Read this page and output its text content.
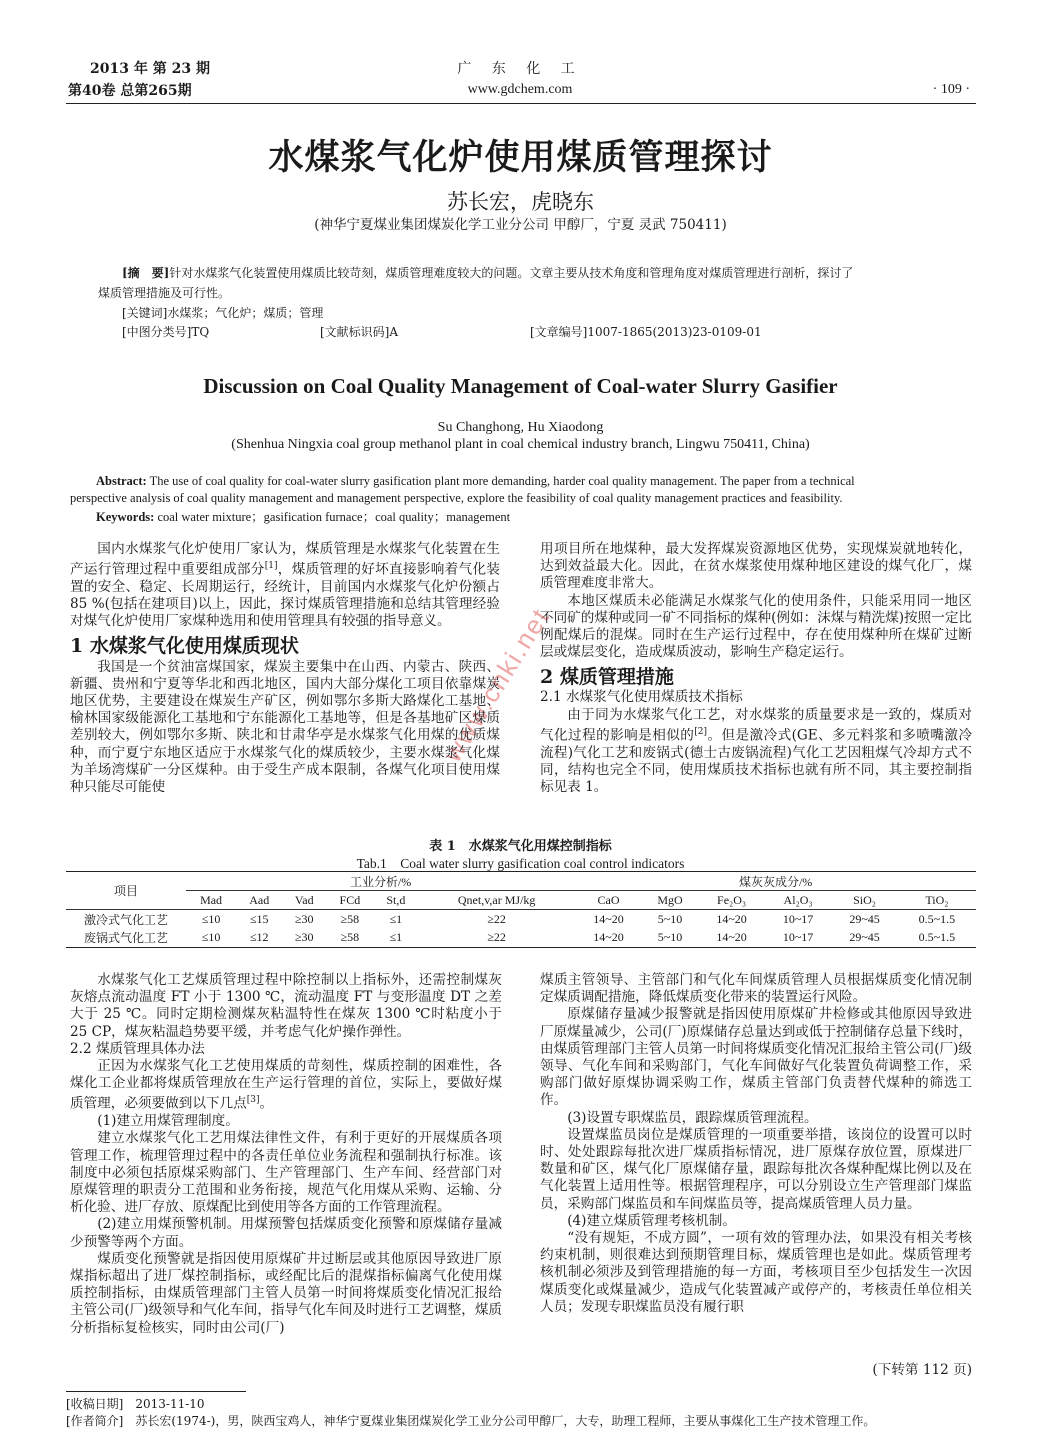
2013 年 第 23 期
第40卷 总第265期
广 东 化 工
www.gdchem.com	· 109 ·
水煤浆气化炉使用煤质管理探讨
苏长宏，虎晓东
(神华宁夏煤业集团煤炭化学工业分公司 甲醇厂，宁夏 灵武 750411)
[摘　要]针对水煤浆气化装置使用煤质比较苛刻，煤质管理难度较大的问题。文章主要从技术角度和管理角度对煤质管理进行剖析，探讨了
煤质管理措施及可行性。
[关键词]水煤浆；气化炉；煤质；管理
[中图分类号]TQ	[文献标识码]A	[文章编号]1007-1865(2013)23-0109-01
Discussion on Coal Quality Management of Coal-water Slurry Gasifier
Su Changhong, Hu Xiaodong
(Shenhua Ningxia coal group methanol plant in coal chemical industry branch, Lingwu 750411, China)
Abstract: The use of coal quality for coal-water slurry gasification plant more demanding, harder coal quality management. The paper from a technical
perspective analysis of coal quality management and management perspective, explore the feasibility of coal quality management practices and feasibility.
Keywords: coal water mixture；gasification furnace；coal quality；management
www.cnki.net

国内水煤浆气化炉使用厂家认为，煤质管理是水煤浆气化装置在生产运行管理过程中重要组成部分[1]，煤质管理的好坏直接影响着气化装置的安全、稳定、长周期运行，经统计，目前国内水煤浆气化炉份额占 85 %(包括在建项目)以上，因此，探讨煤质管理措施和总结其管理经验对煤气化炉使用厂家煤种选用和使用管理具有较强的指导意义。

1 水煤浆气化使用煤质现状

我国是一个贫油富煤国家，煤炭主要集中在山西、内蒙古、陕西、新疆、贵州和宁夏等华北和西北地区，国内大部分煤化工项目依靠煤炭地区优势，主要建设在煤炭生产矿区，例如鄂尔多斯大路煤化工基地、榆林国家级能源化工基地和宁东能源化工基地等，但是各基地矿区煤质差别较大，例如鄂尔多斯、陕北和甘肃华亭是水煤浆气化用煤的优质煤种，而宁夏宁东地区适应于水煤浆气化的煤质较少，主要水煤浆气化煤为羊场湾煤矿一分区煤种。由于受生产成本限制，各煤气化项目使用煤种只能尽可能使

用项目所在地煤种，最大发挥煤炭资源地区优势，实现煤炭就地转化，达到效益最大化。因此，在贫水煤浆使用煤种地区建设的煤气化厂，煤质管理难度非常大。

本地区煤质未必能满足水煤浆气化的使用条件，只能采用同一地区不同矿的煤种或同一矿不同指标的煤种(例如：沫煤与精洗煤)按照一定比例配煤后的混煤。同时在生产运行过程中，存在使用煤种所在煤矿过断层或煤层变化，造成煤质波动，影响生产稳定运行。

2 煤质管理措施
2.1 水煤浆气化使用煤质技术指标

由于同为水煤浆气化工艺，对水煤浆的质量要求是一致的，煤质对气化过程的影响是相似的[2]。但是激冷式(GE、多元料浆和多喷嘴激冷流程)气化工艺和废锅式(德士古废锅流程)气化工艺因粗煤气冷却方式不同，结构也完全不同，使用煤质技术指标也就有所不同，其主要控制指标见表 1。

表 1　水煤浆气化用煤控制指标
Tab.1　Coal water slurry gasification coal control indicators
项目	工业分析/%						煤灰灰成分/%					
	Mad	Aad	Vad	FCd	St,d	Qnet,v,ar MJ/kg	CaO	MgO	Fe₂O₃	Al₂O₃	SiO₂	TiO₂
激冷式气化工艺	≤10	≤15	≥30	≥58	≤1	≥22	14~20	5~10	14~20	10~17	29~45	0.5~1.5
废锅式气化工艺	≤10	≤12	≥30	≥58	≤1	≥22	14~20	5~10	14~20	10~17	29~45	0.5~1.5

水煤浆气化工艺煤质管理过程中除控制以上指标外，还需控制煤灰灰熔点流动温度 FT 小于 1300 ℃，流动温度 FT 与变形温度 DT 之差大于 25 ℃。同时定期检测煤灰粘温特性在煤灰 1300 ℃时粘度小于 25 CP，煤灰粘温趋势要平缓，并考虑气化炉操作弹性。

2.2 煤质管理具体办法

正因为水煤浆气化工艺使用煤质的苛刻性，煤质控制的困难性，各煤化工企业都将煤质管理放在生产运行管理的首位，实际上，要做好煤质管理，必须要做到以下几点[3]。

(1)建立用煤管理制度。

建立水煤浆气化工艺用煤法律性文件，有利于更好的开展煤质各项管理工作，梳理管理过程中的各责任单位业务流程和强制执行标准。该制度中必须包括原煤采购部门、生产管理部门、生产车间、经营部门对原煤管理的职责分工范围和业务衔接，规范气化用煤从采购、运输、分析化验、进厂存放、原煤配比到使用等各方面的工作管理流程。

(2)建立用煤预警机制。用煤预警包括煤质变化预警和原煤储存量减少预警等两个方面。

煤质变化预警就是指因使用原煤矿井过断层或其他原因导致进厂原煤指标超出了进厂煤控制指标，或经配比后的混煤指标偏离气化使用煤质控制指标，由煤质管理部门主管人员第一时间将煤质变化情况汇报给主管公司(厂)级领导和气化车间，指导气化车间及时进行工艺调整，煤质分析指标复检核实，同时由公司(厂)

煤质主管领导、主管部门和气化车间煤质管理人员根据煤质变化情况制定煤质调配措施，降低煤质变化带来的装置运行风险。

原煤储存量减少报警就是指因使用原煤矿井检修或其他原因导致进厂原煤量减少，公司(厂)原煤储存总量达到或低于控制储存总量下线时，由煤质管理部门主管人员第一时间将煤质变化情况汇报给主管公司(厂)级领导、气化车间和采购部门，气化车间做好气化装置负荷调整工作，采购部门做好原煤协调采购工作，煤质主管部门负责替代煤种的筛选工作。

(3)设置专职煤监员，跟踪煤质管理流程。

设置煤监员岗位是煤质管理的一项重要举措，该岗位的设置可以时时、处处跟踪每批次进厂煤质指标情况，进厂原煤存放位置，原煤进厂数量和矿区，煤气化厂原煤储存量，跟踪每批次各煤种配煤比例以及在气化装置上适用性等。根据管理程序，可以分别设立生产管理部门煤监员，采购部门煤监员和车间煤监员等，提高煤质管理人员力量。

(4)建立煤质管理考核机制。

“没有规矩，不成方圆”，一项有效的管理办法，如果没有相关考核约束机制，则很难达到预期管理目标，煤质管理也是如此。煤质管理考核机制必须涉及到管理措施的每一方面，考核项目至少包括发生一次因煤质变化或煤量减少，造成气化装置减产或停产的，考核责任单位相关人员；发现专职煤监员没有履行职

(下转第 112 页)
[收稿日期]　2013-11-10
[作者简介]　苏长宏(1974-)，男，陕西宝鸡人，神华宁夏煤业集团煤炭化学工业分公司甲醇厂，大专，助理工程师，主要从事煤化工生产技术管理工作。
